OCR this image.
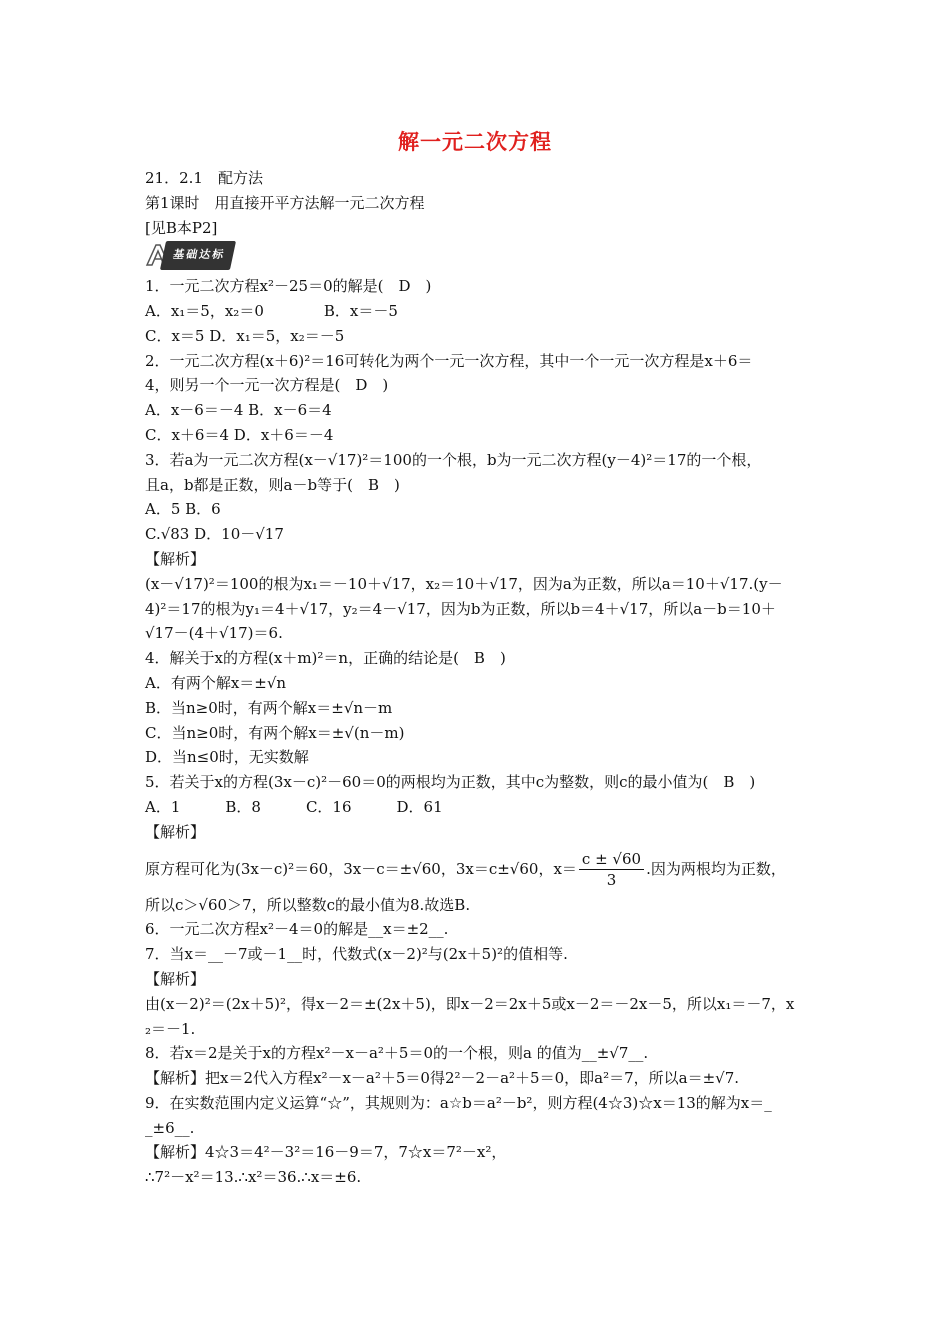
解一元二次方程
21．2.1　配方法
第1课时　用直接开平方法解一元二次方程
[见B本P2]
基础达标
1．一元二次方程x²－25＝0的解是(　D　)
A．x₁＝5，x₂＝0　　　　B．x＝－5
C．x＝5 D．x₁＝5，x₂＝－5
2．一元二次方程(x＋6)²＝16可转化为两个一元一次方程，其中一个一元一次方程是x＋6＝
4，则另一个一元一次方程是(　D　)
A．x－6＝－4 B．x－6＝4
C．x＋6＝4 D．x＋6＝－4
3．若a为一元二次方程(x－√17)²＝100的一个根，b为一元二次方程(y－4)²＝17的一个根，
且a，b都是正数，则a－b等于(　B　)
A．5 B．6
C.√83 D．10－√17
【解析】
(x－√17)²＝100的根为x₁＝－10＋√17，x₂＝10＋√17，因为a为正数，所以a＝10＋√17.(y－
4)²＝17的根为y₁＝4＋√17，y₂＝4－√17，因为b为正数，所以b＝4＋√17，所以a－b＝10＋
√17－(4＋√17)＝6.
4．解关于x的方程(x＋m)²＝n，正确的结论是(　B　)
A．有两个解x＝±√n
B．当n≥0时，有两个解x＝±√n－m
C．当n≥0时，有两个解x＝±√(n－m)
D．当n≤0时，无实数解
5．若关于x的方程(3x－c)²－60＝0的两根均为正数，其中c为整数，则c的最小值为(　B　)
A．1　　　B．8　　　C．16　　　D．61
【解析】
原方程可化为(3x－c)²＝60，3x－c＝±√60，3x＝c±√60，$x= \frac{c \pm √60}{3}$ .因为两根均为正数，
所以c＞√60＞7，所以整数c的最小值为8.故选B.
6．一元二次方程x²－4＝0的解是__x＝±2__.
7．当x＝__－7或－1__时，代数式(x－2)²与(2x＋5)²的值相等.
【解析】
由(x－2)²＝(2x＋5)²，得x－2＝±(2x＋5)，即x－2＝2x＋5或x－2＝－2x－5，所以x₁＝－7，x
₂＝－1.
8．若x＝2是关于x的方程x²－x－a²＋5＝0的一个根，则a 的值为__±√7__.
【解析】把x＝2代入方程x²－x－a²＋5＝0得2²－2－a²＋5＝0，即a²＝7，所以a＝±√7.
9．在实数范围内定义运算“☆”，其规则为：a☆b＝a²－b²，则方程(4☆3)☆x＝13的解为x＝_
_±6__.
【解析】4☆3＝4²－3²＝16－9＝7，7☆x＝7²－x²，
∴7²－x²＝13.∴x²＝36.∴x＝±6.
